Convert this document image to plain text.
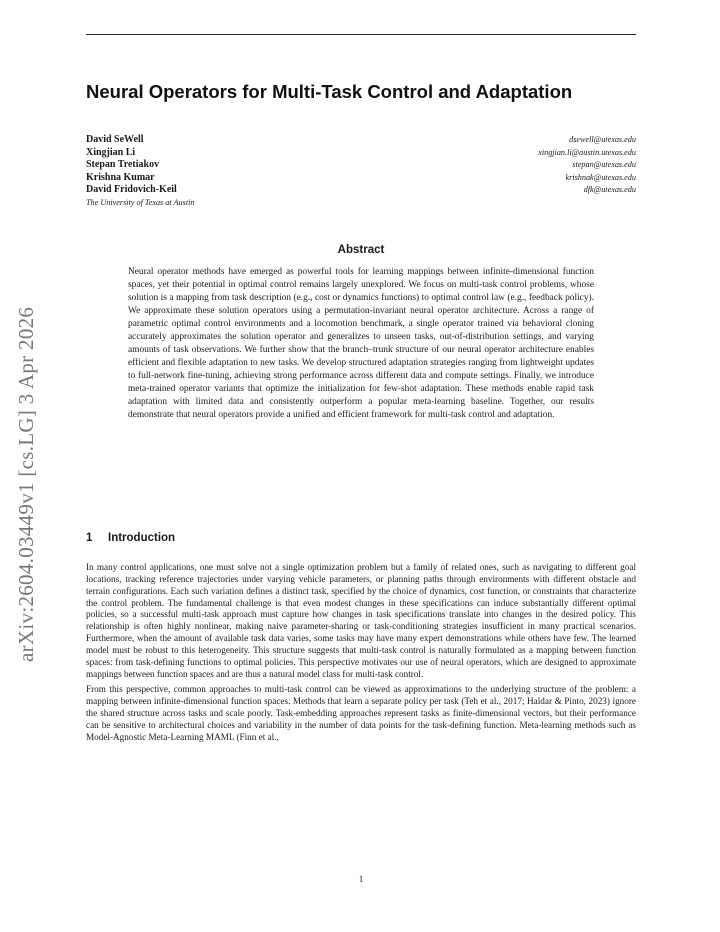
arXiv:2604.03449v1 [cs.LG] 3 Apr 2026
Neural Operators for Multi-Task Control and Adaptation
David SeWell	dsewell@utexas.edu
Xingjian Li	xingjian.li@austin.utexas.edu
Stepan Tretiakov	stepan@utexas.edu
Krishna Kumar	krishnak@utexas.edu
David Fridovich-Keil	dfk@utexas.edu
The University of Texas at Austin
Abstract

Neural operator methods have emerged as powerful tools for learning mappings between infinite-dimensional function spaces, yet their potential in optimal control remains largely unexplored. We focus on multi-task control problems, whose solution is a mapping from task description (e.g., cost or dynamics functions) to optimal control law (e.g., feedback policy). We approximate these solution operators using a permutation-invariant neural operator architecture. Across a range of parametric optimal control environments and a locomotion benchmark, a single operator trained via behavioral cloning accurately approximates the solution operator and generalizes to unseen tasks, out-of-distribution settings, and varying amounts of task observations. We further show that the branch–trunk structure of our neural operator architecture enables efficient and flexible adaptation to new tasks. We develop structured adaptation strategies ranging from lightweight updates to full-network fine-tuning, achieving strong performance across different data and compute settings. Finally, we introduce meta-trained operator variants that optimize the initialization for few-shot adaptation. These methods enable rapid task adaptation with limited data and consistently outperform a popular meta-learning baseline. Together, our results demonstrate that neural operators provide a unified and efficient framework for multi-task control and adaptation.

1 Introduction

In many control applications, one must solve not a single optimization problem but a family of related ones, such as navigating to different goal locations, tracking reference trajectories under varying vehicle parameters, or planning paths through environments with different obstacle and terrain configurations. Each such variation defines a distinct task, specified by the choice of dynamics, cost function, or constraints that characterize the control problem. The fundamental challenge is that even modest changes in these specifications can induce substantially different optimal policies, so a successful multi-task approach must capture how changes in task specifications translate into changes in the desired policy. This relationship is often highly nonlinear, making naive parameter-sharing or task-conditioning strategies insufficient in many practical scenarios. Furthermore, when the amount of available task data varies, some tasks may have many expert demonstrations while others have few. The learned model must be robust to this heterogeneity. This structure suggests that multi-task control is naturally formulated as a mapping between function spaces: from task-defining functions to optimal policies. This perspective motivates our use of neural operators, which are designed to approximate mappings between function spaces and are thus a natural model class for multi-task control.

From this perspective, common approaches to multi-task control can be viewed as approximations to the underlying structure of the problem: a mapping between infinite-dimensional function spaces. Methods that learn a separate policy per task (Teh et al., 2017; Haldar & Pinto, 2023) ignore the shared structure across tasks and scale poorly. Task-embedding approaches represent tasks as finite-dimensional vectors, but their performance can be sensitive to architectural choices and variability in the number of data points for the task-defining function. Meta-learning methods such as Model-Agnostic Meta-Learning MAML (Finn et al.,

1
